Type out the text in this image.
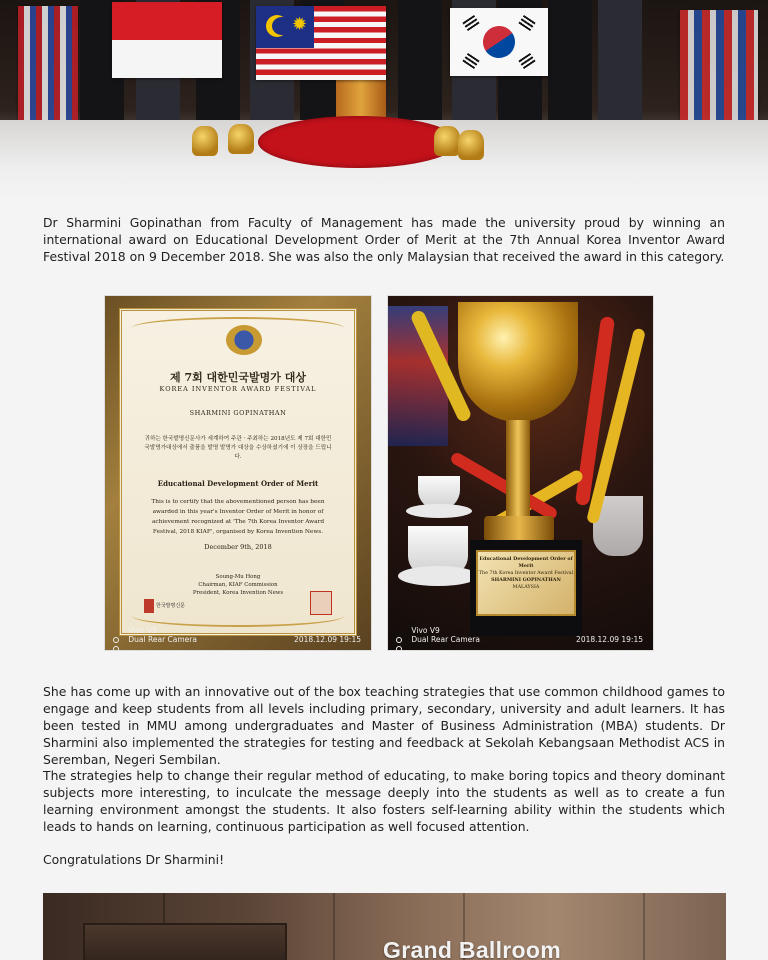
✹

Dr Sharmini Gopinathan from Faculty of Management has made the university proud by winning an international award on Educational Development Order of Merit at the 7th Annual Korea Inventor Award Festival 2018 on 9 December 2018. She was also the only Malaysian that received the award in this category.

제 7회 대한민국발명가 대상
KOREA INVENTOR AWARD FESTIVAL
SHARMINI GOPINATHAN
귀하는 한국발명신문사가 세계하여 주관 · 주최하는 2018년도 제 7회 대한민국발명가대상에서 출품을 발명 발명가 대상을 수상하셨기에 이 상장을 드립니다.
Educational Development Order of Merit
This is to certify that the abovementioned person has been awarded in this year's Inventor Order of Merit in honor of achievement recognized at 'The 7th Korea Inventor Award Festival, 2018 KIAF', organised by Korea Invention News.
December 9th, 2018
Soung-Mu Hong
Chairman, KIAF Commission
President, Korea Invention News
한국발명신문
Vivo V9
Dual Rear Camera	2018.12.09 19:15
Educational Development Order of Merit
The 7th Korea Inventor Award Festival
SHARMINI GOPINATHAN
MALAYSIA
Vivo V9
Dual Rear Camera	2018.12.09 19:15

She has come up with an innovative out of the box teaching strategies that use common childhood games to engage and keep students from all levels including primary, secondary, university and adult learners. It has been tested in MMU among undergraduates and Master of Business Administration (MBA) students. Dr Sharmini also implemented the strategies for testing and feedback at Sekolah Kebangsaan Methodist ACS in Seremban, Negeri Sembilan.

The strategies help to change their regular method of educating, to make boring topics and theory dominant subjects more interesting, to inculcate the message deeply into the students as well as to create a fun learning environment amongst the students. It also fosters self-learning ability within the students which leads to hands on learning, continuous participation as well focused attention.

Congratulations Dr Sharmini!

Grand Ballroom
